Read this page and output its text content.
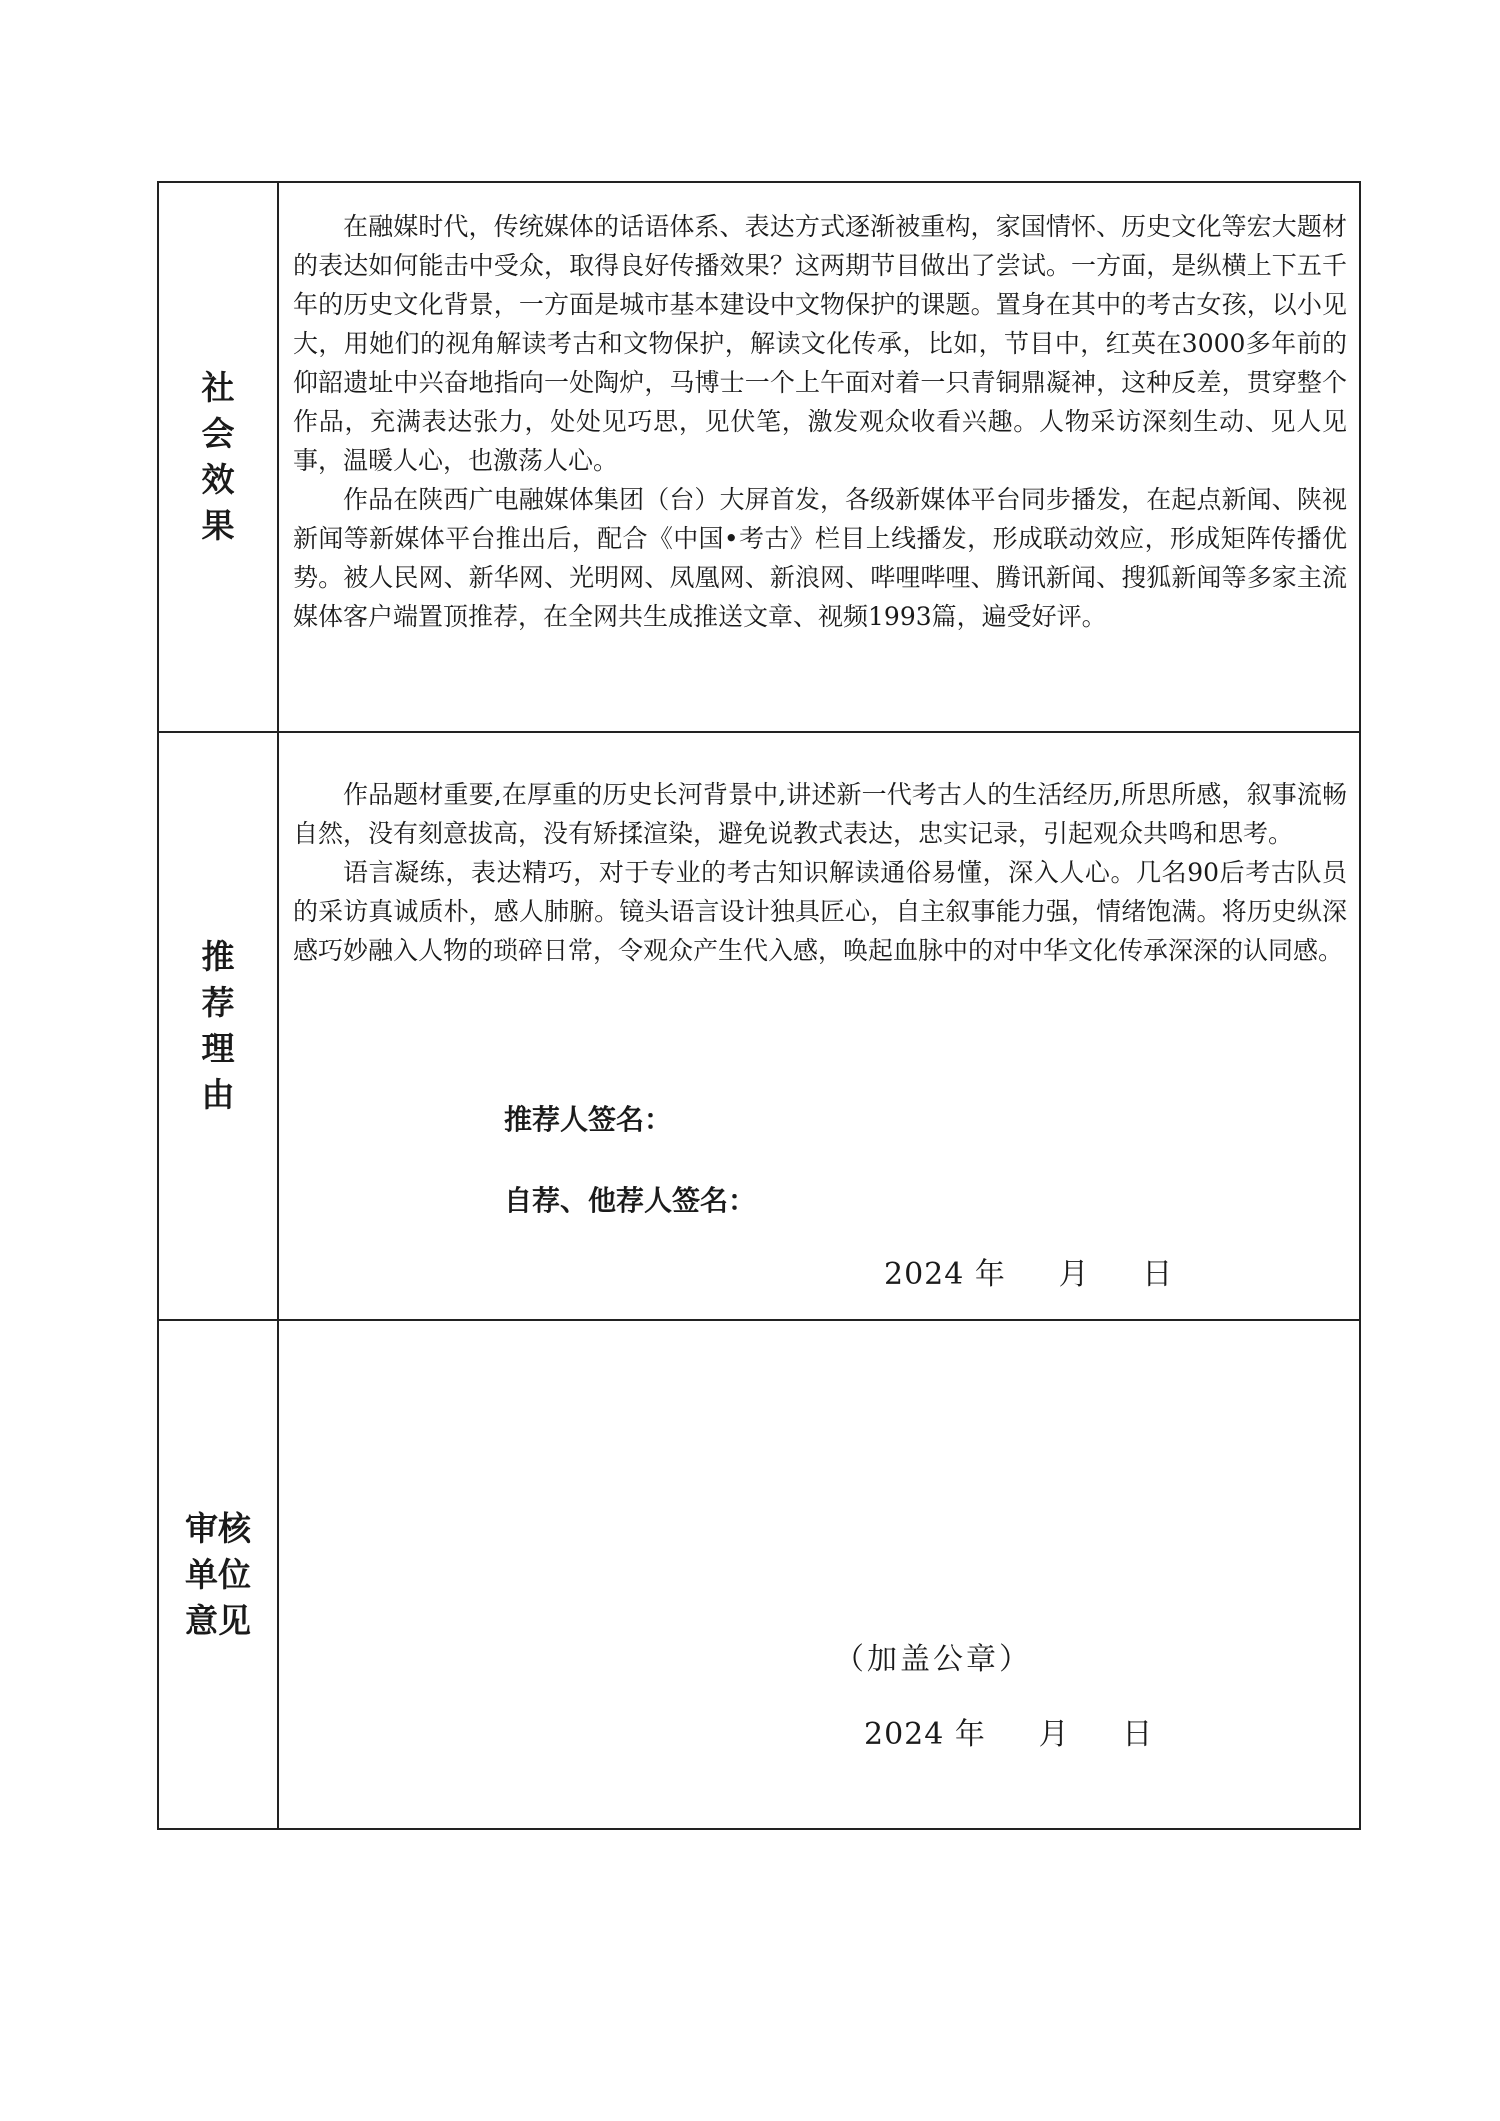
社会效果

在融媒时代，传统媒体的话语体系、表达方式逐渐被重构，家国情怀、历史文化等宏大题材的表达如何能击中受众，取得良好传播效果？这两期节目做出了尝试。一方面，是纵横上下五千年的历史文化背景，一方面是城市基本建设中文物保护的课题。置身在其中的考古女孩，以小见大，用她们的视角解读考古和文物保护，解读文化传承，比如，节目中，红英在3000多年前的仰韶遗址中兴奋地指向一处陶炉，马博士一个上午面对着一只青铜鼎凝神，这种反差，贯穿整个作品，充满表达张力，处处见巧思，见伏笔，激发观众收看兴趣。人物采访深刻生动、见人见事，温暖人心，也激荡人心。

作品在陕西广电融媒体集团（台）大屏首发，各级新媒体平台同步播发，在起点新闻、陕视新闻等新媒体平台推出后，配合《中国•考古》栏目上线播发，形成联动效应，形成矩阵传播优势。被人民网、新华网、光明网、凤凰网、新浪网、哔哩哔哩、腾讯新闻、搜狐新闻等多家主流媒体客户端置顶推荐，在全网共生成推送文章、视频1993篇，遍受好评。

推荐理由

作品题材重要,在厚重的历史长河背景中,讲述新一代考古人的生活经历,所思所感，叙事流畅自然，没有刻意拔高，没有矫揉渲染，避免说教式表达，忠实记录，引起观众共鸣和思考。

语言凝练，表达精巧，对于专业的考古知识解读通俗易懂，深入人心。几名90后考古队员的采访真诚质朴，感人肺腑。镜头语言设计独具匠心，自主叙事能力强，情绪饱满。将历史纵深感巧妙融入人物的琐碎日常，令观众产生代入感，唤起血脉中的对中华文化传承深深的认同感。

推荐人签名：
自荐、他荐人签名：
2024 年     月     日
审核单位意见
（加盖公章）
2024 年     月     日
